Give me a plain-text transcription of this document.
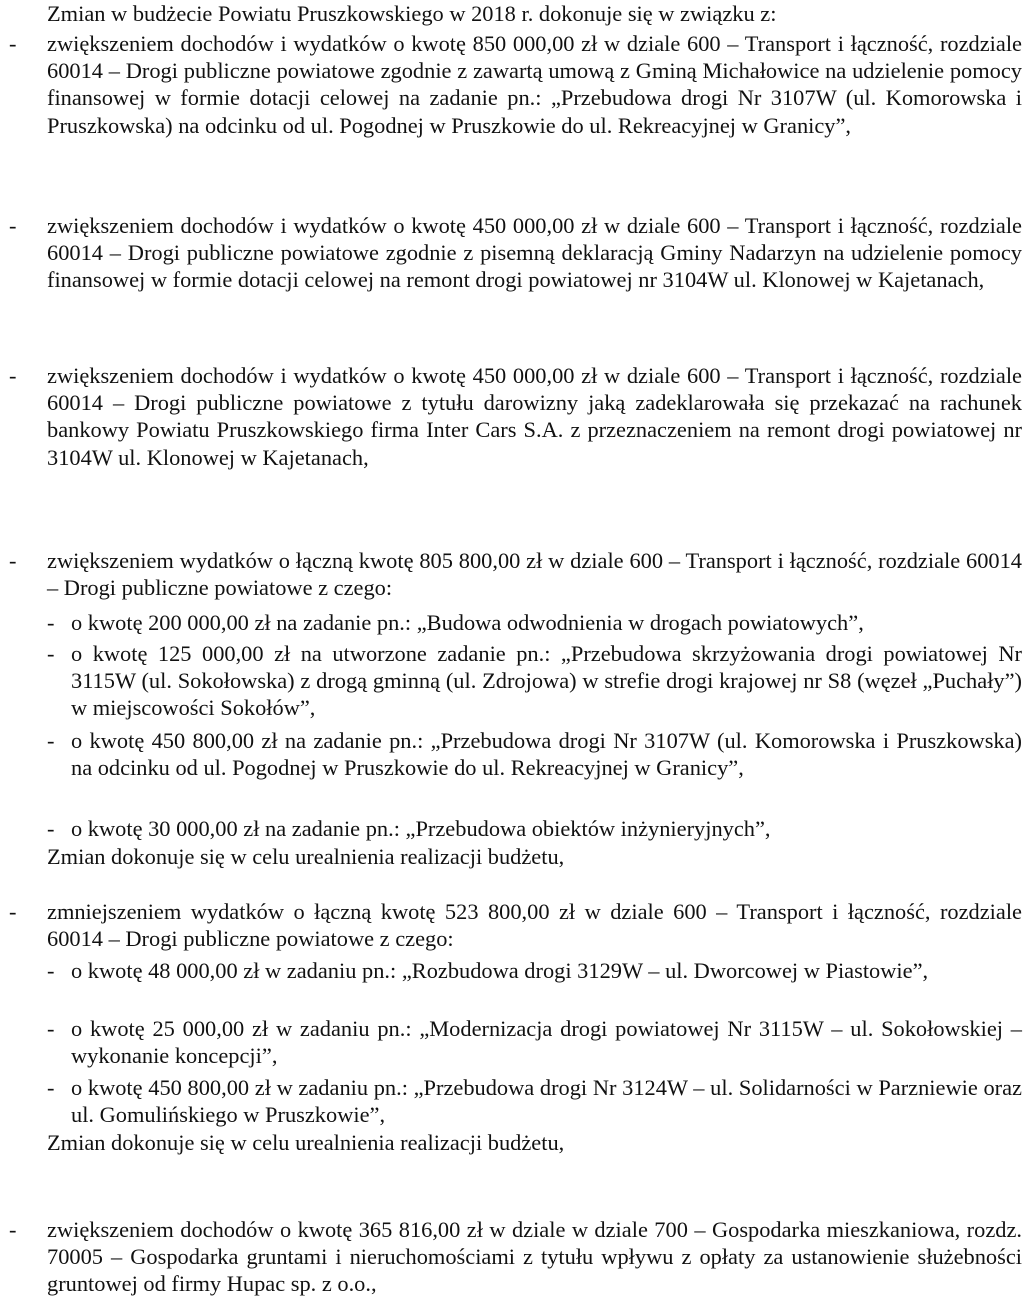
Zmian w budżecie Powiatu Pruszkowskiego w 2018 r. dokonuje się w związku z:
- zwiększeniem dochodów i wydatków o kwotę 850 000,00 zł w dziale 600 – Transport i łączność, rozdziale 60014 – Drogi publiczne powiatowe zgodnie z zawartą umową z Gminą Michałowice na udzielenie pomocy finansowej w formie dotacji celowej na zadanie pn.: „Przebudowa drogi Nr 3107W (ul. Komorowska i Pruszkowska) na odcinku od ul. Pogodnej w Pruszkowie do ul. Rekreacyjnej w Granicy”,
- zwiększeniem dochodów i wydatków o kwotę 450 000,00 zł w dziale 600 – Transport i łączność, rozdziale 60014 – Drogi publiczne powiatowe zgodnie z pisemną deklaracją Gminy Nadarzyn na udzielenie pomocy finansowej w formie dotacji celowej na remont drogi powiatowej nr 3104W ul. Klonowej w Kajetanach,
- zwiększeniem dochodów i wydatków o kwotę 450 000,00 zł w dziale 600 – Transport i łączność, rozdziale 60014 – Drogi publiczne powiatowe z tytułu darowizny jaką zadeklarowała się przekazać na rachunek bankowy Powiatu Pruszkowskiego firma Inter Cars S.A. z przeznaczeniem na remont drogi powiatowej nr 3104W ul. Klonowej w Kajetanach,
- zwiększeniem wydatków o łączną kwotę 805 800,00 zł w dziale 600 – Transport i łączność, rozdziale 60014 – Drogi publiczne powiatowe z czego:
- o kwotę 200 000,00 zł na zadanie pn.: „Budowa odwodnienia w drogach powiatowych”,
- o kwotę 125 000,00 zł na utworzone zadanie pn.: „Przebudowa skrzyżowania drogi powiatowej Nr 3115W (ul. Sokołowska) z drogą gminną (ul. Zdrojowa) w strefie drogi krajowej nr S8 (węzeł „Puchały”) w miejscowości Sokołów”,
- o kwotę 450 800,00 zł na zadanie pn.: „Przebudowa drogi Nr 3107W (ul. Komorowska i Pruszkowska) na odcinku od ul. Pogodnej w Pruszkowie do ul. Rekreacyjnej w Granicy”,
- o kwotę 30 000,00 zł na zadanie pn.: „Przebudowa obiektów inżynieryjnych”,
Zmian dokonuje się w celu urealnienia realizacji budżetu,
- zmniejszeniem wydatków o łączną kwotę 523 800,00 zł w dziale 600 – Transport i łączność, rozdziale 60014 – Drogi publiczne powiatowe z czego:
- o kwotę 48 000,00 zł w zadaniu pn.: „Rozbudowa drogi 3129W – ul. Dworcowej w Piastowie”,
- o kwotę 25 000,00 zł w zadaniu pn.: „Modernizacja drogi powiatowej Nr 3115W – ul. Sokołowskiej – wykonanie koncepcji”,
- o kwotę 450 800,00 zł w zadaniu pn.: „Przebudowa drogi Nr 3124W – ul. Solidarności w Parzniewie oraz ul. Gomulińskiego w Pruszkowie”,
Zmian dokonuje się w celu urealnienia realizacji budżetu,
- zwiększeniem dochodów o kwotę 365 816,00 zł w dziale w dziale 700 – Gospodarka mieszkaniowa, rozdz. 70005 – Gospodarka gruntami i nieruchomościami z tytułu wpływu z opłaty za ustanowienie służebności gruntowej od firmy Hupac sp. z o.o.,
